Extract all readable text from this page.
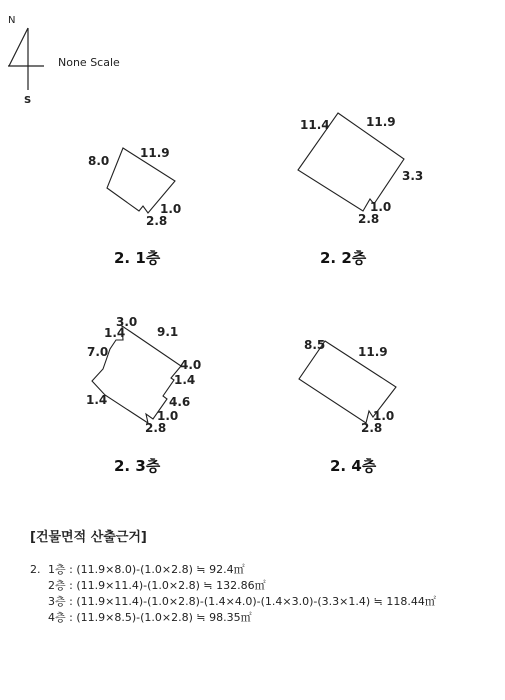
N
S
None Scale
8.0
11.9
1.0
2.8
2. 1층
11.4	11.9
3.3
1.0
2.8
2. 2층
3.0
1.4	9.1
7.0
4.0
1.4
1.4	4.6
1.0
2.8
2. 3층
8.5	11.9
1.0
2.8
2. 4층
[건물면적 산출근거]
2. 1층 : (11.9×8.0)-(1.0×2.8) ≒ 92.4㎡
2층 : (11.9×11.4)-(1.0×2.8) ≒ 132.86㎡
3층 : (11.9×11.4)-(1.0×2.8)-(1.4×4.0)-(1.4×3.0)-(3.3×1.4) ≒ 118.44㎡
4층 : (11.9×8.5)-(1.0×2.8) ≒ 98.35㎡
